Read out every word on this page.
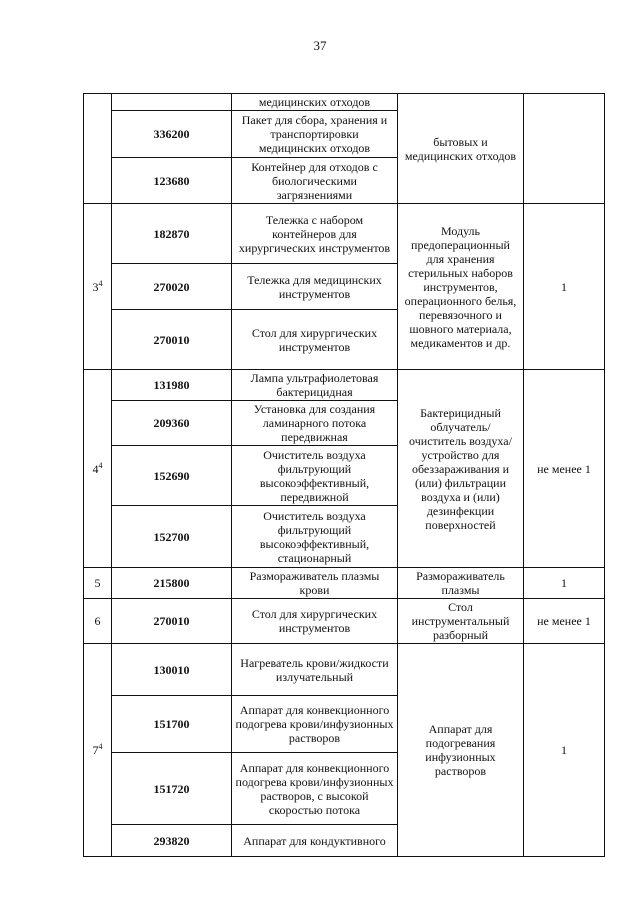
37
		медицинских отходов	бытовых и медицинских отходов	
	336200	Пакет для сбора, хранения и транспортировки медицинских отходов		
	123680	Контейнер для отходов с биологическими загрязнениями		
$3^4$	182870	Тележка с набором контейнеров для хирургических инструментов	Модуль предоперационный для хранения стерильных наборов инструментов, операционного белья, перевязочного и шовного материала, медикаментов и др.	1
	270020	Тележка для медицинских инструментов		
	270010	Стол для хирургических инструментов		
$4^4$	131980	Лампа ультрафиолетовая бактерицидная	Бактерицидный облучатель/ очиститель воздуха/ устройство для обеззараживания и (или) фильтрации воздуха и (или) дезинфекции поверхностей	не менее 1
	209360	Установка для создания ламинарного потока передвижная		
	152690	Очиститель воздуха фильтрующий высокоэффективный, передвижной		
	152700	Очиститель воздуха фильтрующий высокоэффективный, стационарный		
5	215800	Размораживатель плазмы крови	Размораживатель плазмы	1
6	270010	Стол для хирургических инструментов	Стол инструментальный разборный	не менее 1
$7^4$	130010	Нагреватель крови/жидкости излучательный	Аппарат для подогревания инфузионных растворов	1
	151700	Аппарат для конвекционного подогрева крови/инфузионных растворов		
	151720	Аппарат для конвекционного подогрева крови/инфузионных растворов, с высокой скоростью потока		
	293820	Аппарат для кондуктивного		
